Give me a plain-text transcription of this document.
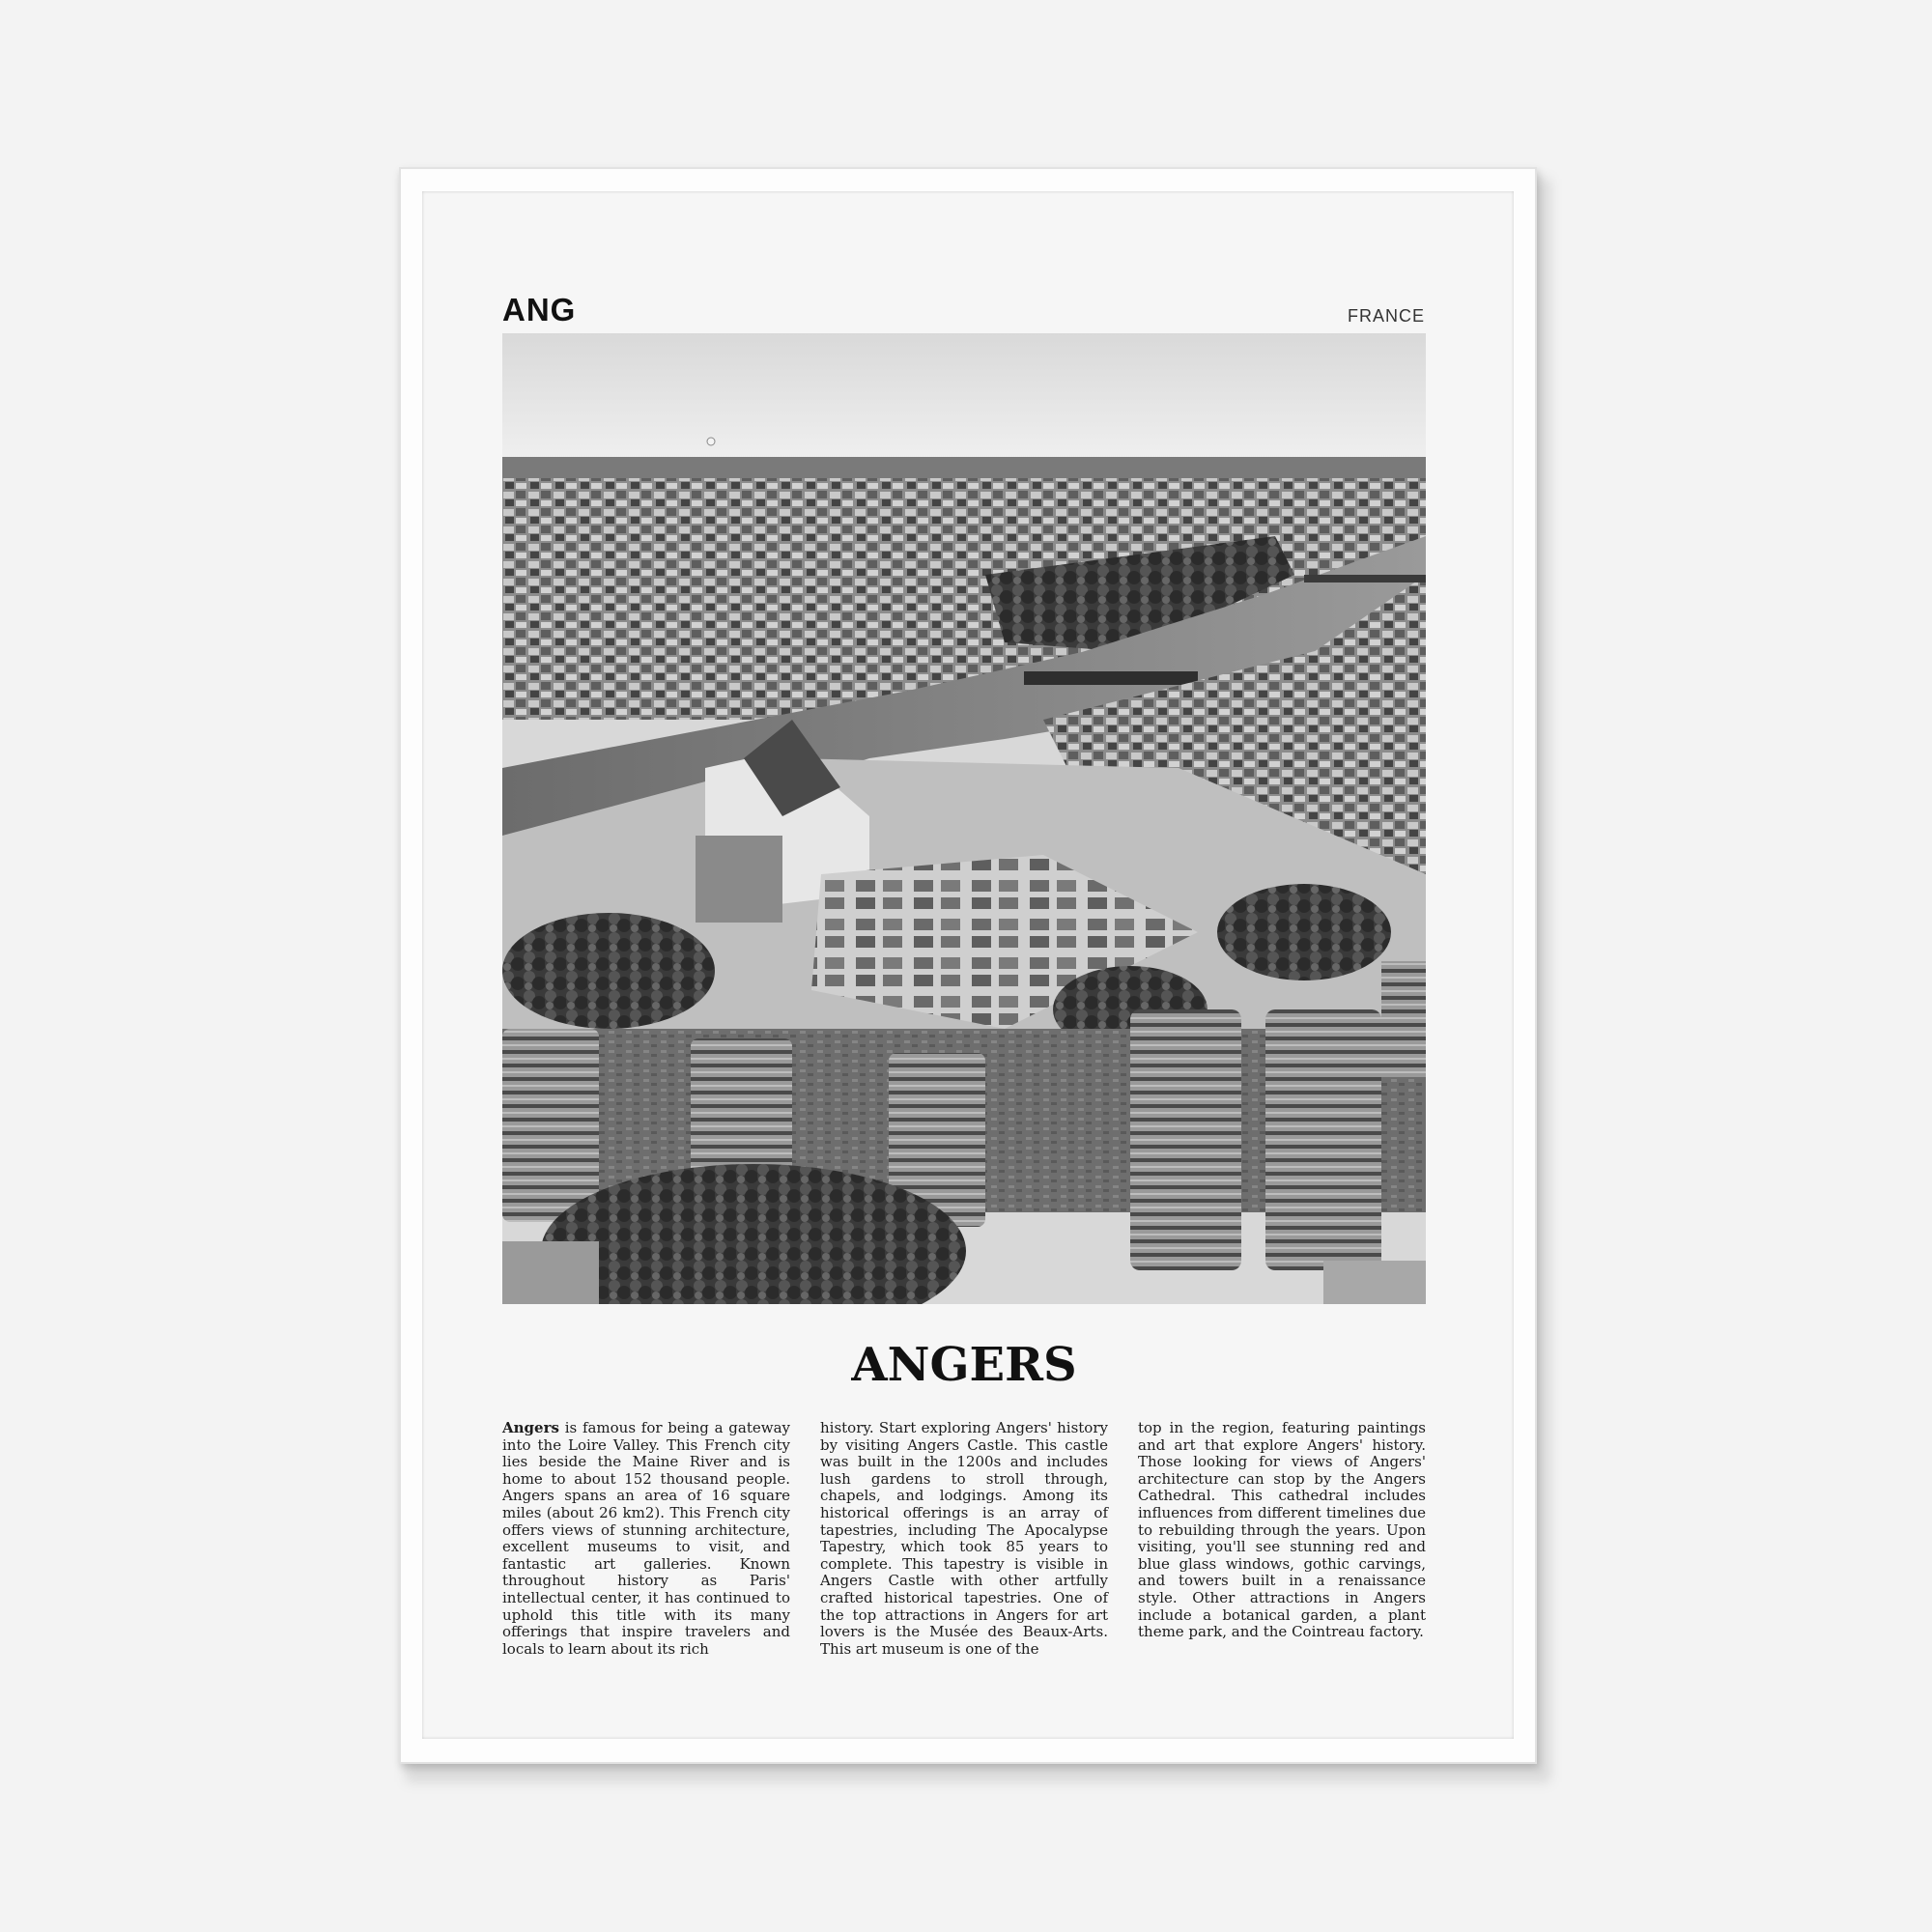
ANG	FRANCE
ANGERS
Angers is famous for being a gateway into the Loire Valley. This French city lies beside the Maine River and is home to about 152 thousand people. Angers spans an area of 16 square miles (about 26 km2). This French city offers views of stunning architecture, excellent museums to visit, and fantastic art galleries. Known throughout history as Paris' intellectual center, it has continued to uphold this title with its many offerings that inspire travelers and locals to learn about its rich
history. Start exploring Angers' history by visiting Angers Castle. This castle was built in the 1200s and includes lush gardens to stroll through, chapels, and lodgings. Among its historical offerings is an array of tapestries, including The Apocalypse Tapestry, which took 85 years to complete. This tapestry is visible in Angers Castle with other artfully crafted historical tapestries. One of the top attractions in Angers for art lovers is the Musée des Beaux-Arts. This art museum is one of the
top in the region, featuring paintings and art that explore Angers' history. Those looking for views of Angers' architecture can stop by the Angers Cathedral. This cathedral includes influences from different timelines due to rebuilding through the years. Upon visiting, you'll see stunning red and blue glass windows, gothic carvings, and towers built in a renaissance style. Other attractions in Angers include a botanical garden, a plant theme park, and the Cointreau factory.
